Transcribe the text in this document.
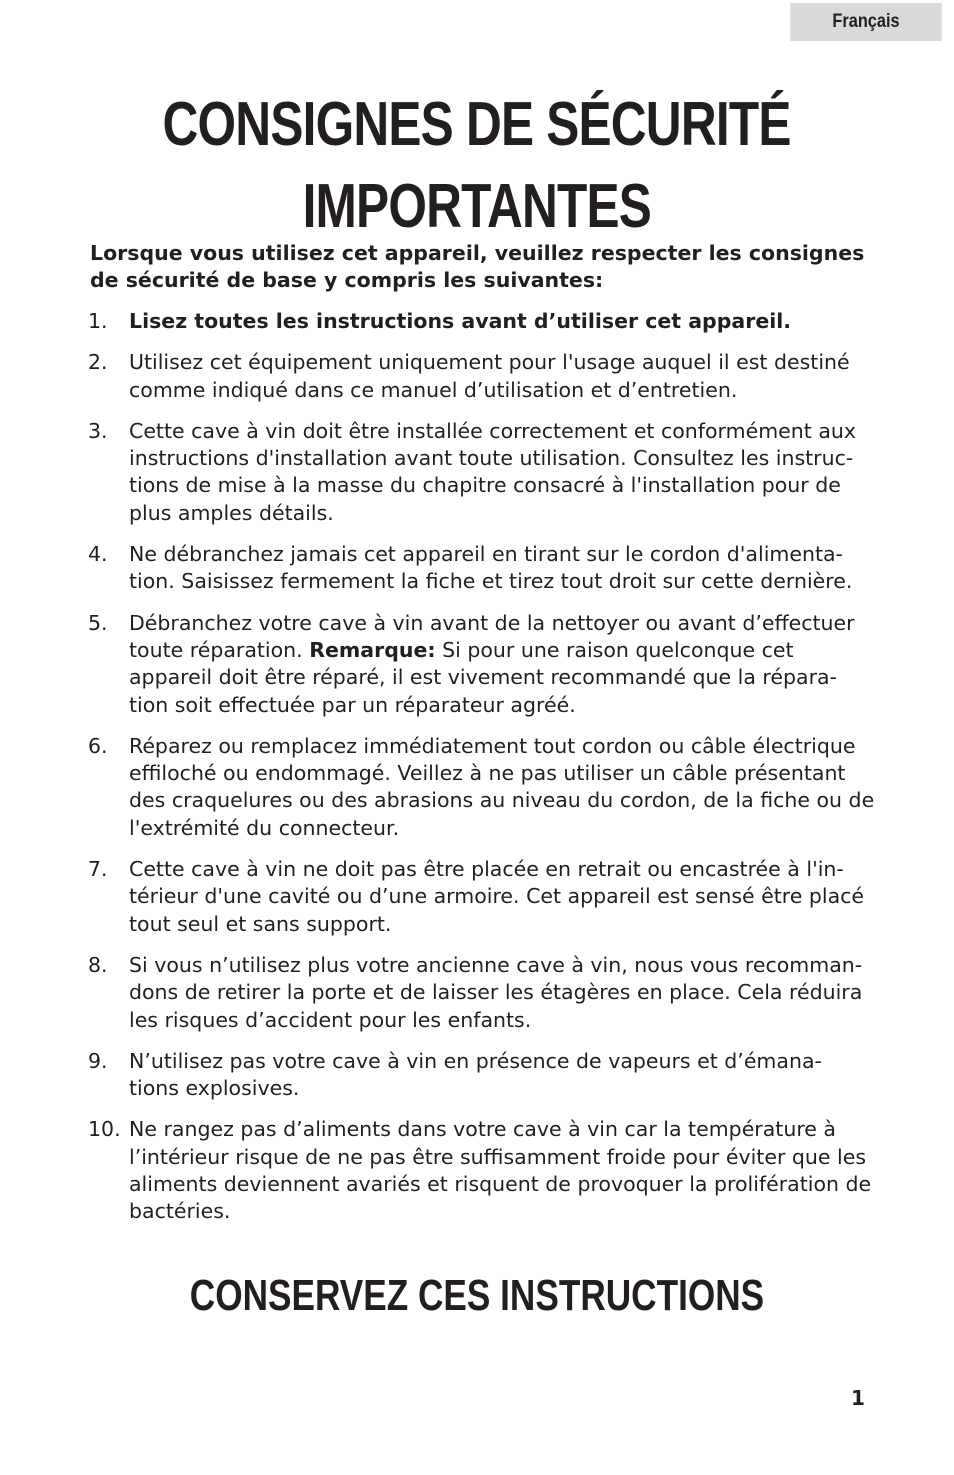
Français
CONSIGNES DE SÉCURITÉ
IMPORTANTES

Lorsque vous utilisez cet appareil, veuillez respecter les consignes de sécurité de base y compris les suivantes:

1. Lisez toutes les instructions avant d’utiliser cet appareil.
2. Utilisez cet équipement uniquement pour l'usage auquel il est destiné comme indiqué dans ce manuel d’utilisation et d’entretien.
3. Cette cave à vin doit être installée correctement et conformément aux instructions d'installation avant toute utilisation. Consultez les instruc- tions de mise à la masse du chapitre consacré à l'installation pour de plus amples détails.
4. Ne débranchez jamais cet appareil en tirant sur le cordon d'alimenta- tion. Saisissez fermement la fiche et tirez tout droit sur cette dernière.
5. Débranchez votre cave à vin avant de la nettoyer ou avant d’effectuer toute réparation. Remarque: Si pour une raison quelconque cet appareil doit être réparé, il est vivement recommandé que la répara- tion soit effectuée par un réparateur agréé.
6. Réparez ou remplacez immédiatement tout cordon ou câble électrique effiloché ou endommagé. Veillez à ne pas utiliser un câble présentant des craquelures ou des abrasions au niveau du cordon, de la fiche ou de l'extrémité du connecteur.
7. Cette cave à vin ne doit pas être placée en retrait ou encastrée à l'in- térieur d'une cavité ou d’une armoire. Cet appareil est sensé être placé tout seul et sans support.
8. Si vous n’utilisez plus votre ancienne cave à vin, nous vous recomman- dons de retirer la porte et de laisser les étagères en place. Cela réduira les risques d’accident pour les enfants.
9. N’utilisez pas votre cave à vin en présence de vapeurs et d’émana- tions explosives.
10. Ne rangez pas d’aliments dans votre cave à vin car la température à l’intérieur risque de ne pas être suffisamment froide pour éviter que les aliments deviennent avariés et risquent de provoquer la prolifération de bactéries.
CONSERVEZ CES INSTRUCTIONS
1
